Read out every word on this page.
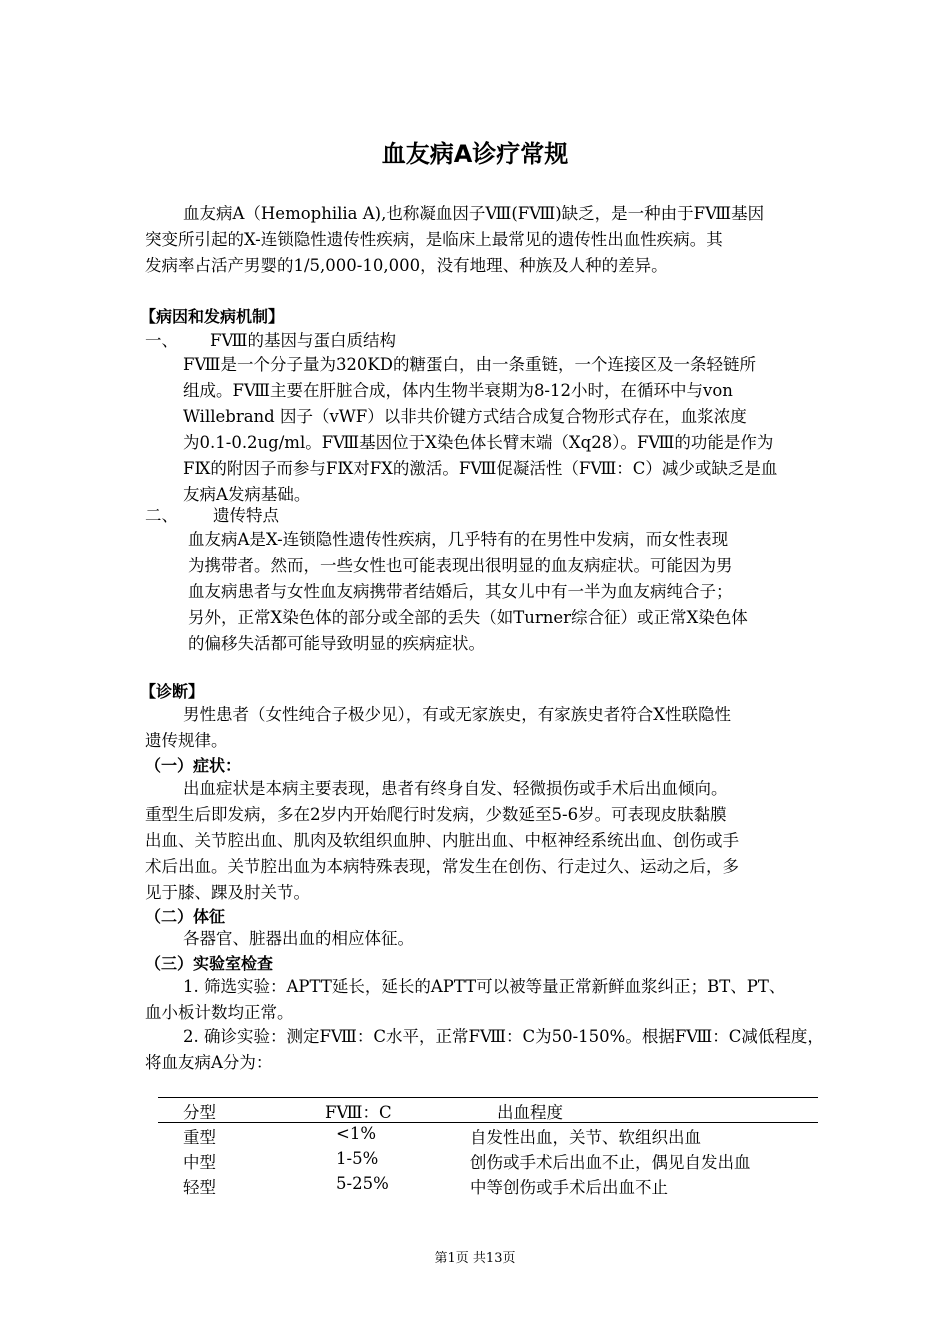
血友病A诊疗常规
血友病A（Hemophilia A),也称凝血因子Ⅷ(FⅧ)缺乏，是一种由于FⅧ基因
突变所引起的X-连锁隐性遗传性疾病，是临床上最常见的遗传性出血性疾病。其
发病率占活产男婴的1/5,000-10,000，没有地理、种族及人种的差异。
【病因和发病机制】
一、 FⅧ的基因与蛋白质结构
FⅧ是一个分子量为320KD的糖蛋白，由一条重链，一个连接区及一条轻链所
组成。FⅧ主要在肝脏合成，体内生物半衰期为8-12小时，在循环中与von
Willebrand 因子（vWF）以非共价键方式结合成复合物形式存在，血浆浓度
为0.1-0.2ug/ml。FⅧ基因位于X染色体长臂末端（Xq28）。FⅧ的功能是作为
FⅨ的附因子而参与FⅨ对FX的激活。FⅧ促凝活性（FⅧ：C）减少或缺乏是血
友病A发病基础。
二、 遗传特点
血友病A是X-连锁隐性遗传性疾病，几乎特有的在男性中发病，而女性表现
为携带者。然而，一些女性也可能表现出很明显的血友病症状。可能因为男
血友病患者与女性血友病携带者结婚后，其女儿中有一半为血友病纯合子；
另外，正常X染色体的部分或全部的丢失（如Turner综合征）或正常X染色体
的偏移失活都可能导致明显的疾病症状。
【诊断】
男性患者（女性纯合子极少见），有或无家族史，有家族史者符合X性联隐性
遗传规律。
（一）症状：
出血症状是本病主要表现，患者有终身自发、轻微损伤或手术后出血倾向。
重型生后即发病，多在2岁内开始爬行时发病，少数延至5-6岁。可表现皮肤黏膜
出血、关节腔出血、肌肉及软组织血肿、内脏出血、中枢神经系统出血、创伤或手
术后出血。关节腔出血为本病特殊表现，常发生在创伤、行走过久、运动之后，多
见于膝、踝及肘关节。
（二）体征
各器官、脏器出血的相应体征。
（三）实验室检查
1. 筛选实验：APTT延长，延长的APTT可以被等量正常新鲜血浆纠正；BT、PT、
血小板计数均正常。
2. 确诊实验：测定FⅧ：C水平，正常FⅧ：C为50-150%。根据FⅧ：C减低程度，
将血友病A分为：
分型	FⅧ：C	出血程度
重型	<1%	自发性出血，关节、软组织出血
中型	1-5%	创伤或手术后出血不止，偶见自发出血
轻型	5-25%	中等创伤或手术后出血不止
第1页 共13页
